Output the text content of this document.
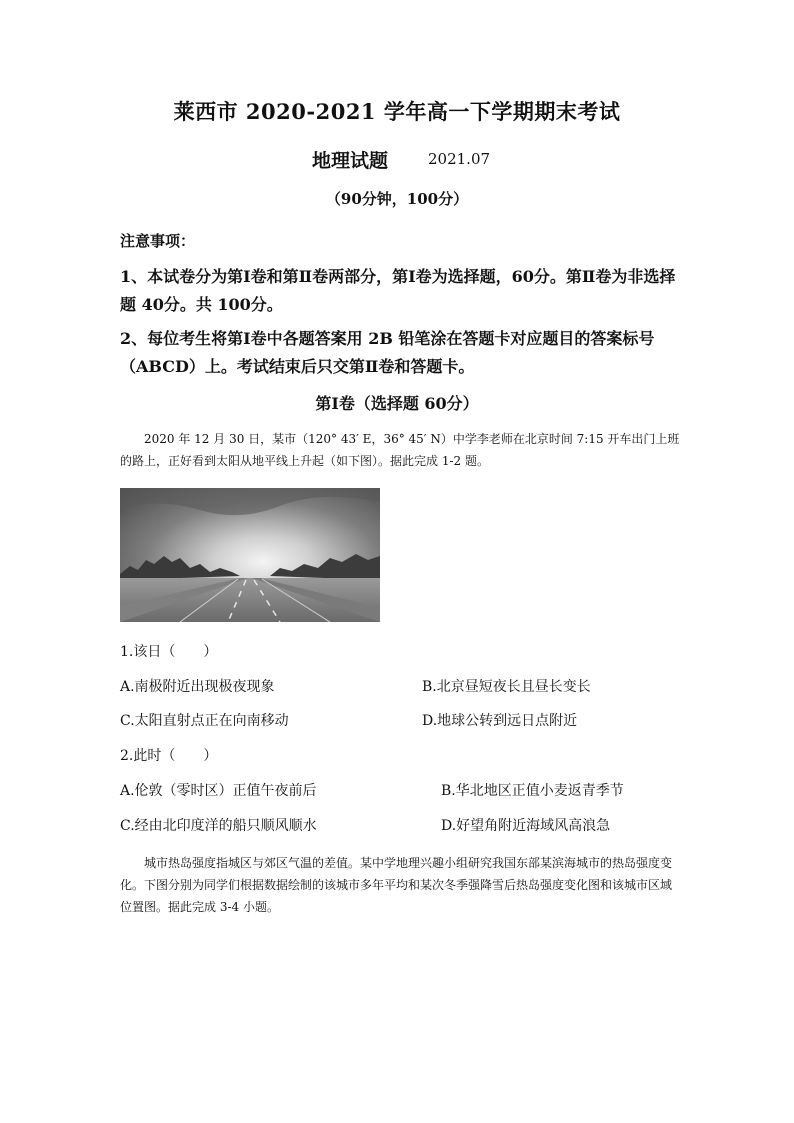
莱西市 2020-2021 学年高一下学期期末考试
地理试题	2021.07
（90分钟，100分）
注意事项：
1、本试卷分为第Ⅰ卷和第Ⅱ卷两部分，第Ⅰ卷为选择题，60分。第Ⅱ卷为非选择题 40分。共 100分。
2、每位考生将第Ⅰ卷中各题答案用 2B 铅笔涂在答题卡对应题目的答案标号（ABCD）上。考试结束后只交第Ⅱ卷和答题卡。
第Ⅰ卷（选择题 60分）
2020 年 12 月 30 日，某市（120° 43′ E，36° 45′ N）中学李老师在北京时间 7:15 开车出门上班的路上，正好看到太阳从地平线上升起（如下图）。据此完成 1-2 题。
1.该日（　　）
A.南极附近出现极夜现象	B.北京昼短夜长且昼长变长
C.太阳直射点正在向南移动	D.地球公转到远日点附近
2.此时（　　）
A.伦敦（零时区）正值午夜前后	B.华北地区正值小麦返青季节
C.经由北印度洋的船只顺风顺水	D.好望角附近海域风高浪急
城市热岛强度指城区与郊区气温的差值。某中学地理兴趣小组研究我国东部某滨海城市的热岛强度变化。下图分别为同学们根据数据绘制的该城市多年平均和某次冬季强降雪后热岛强度变化图和该城市区域位置图。据此完成 3-4 小题。
